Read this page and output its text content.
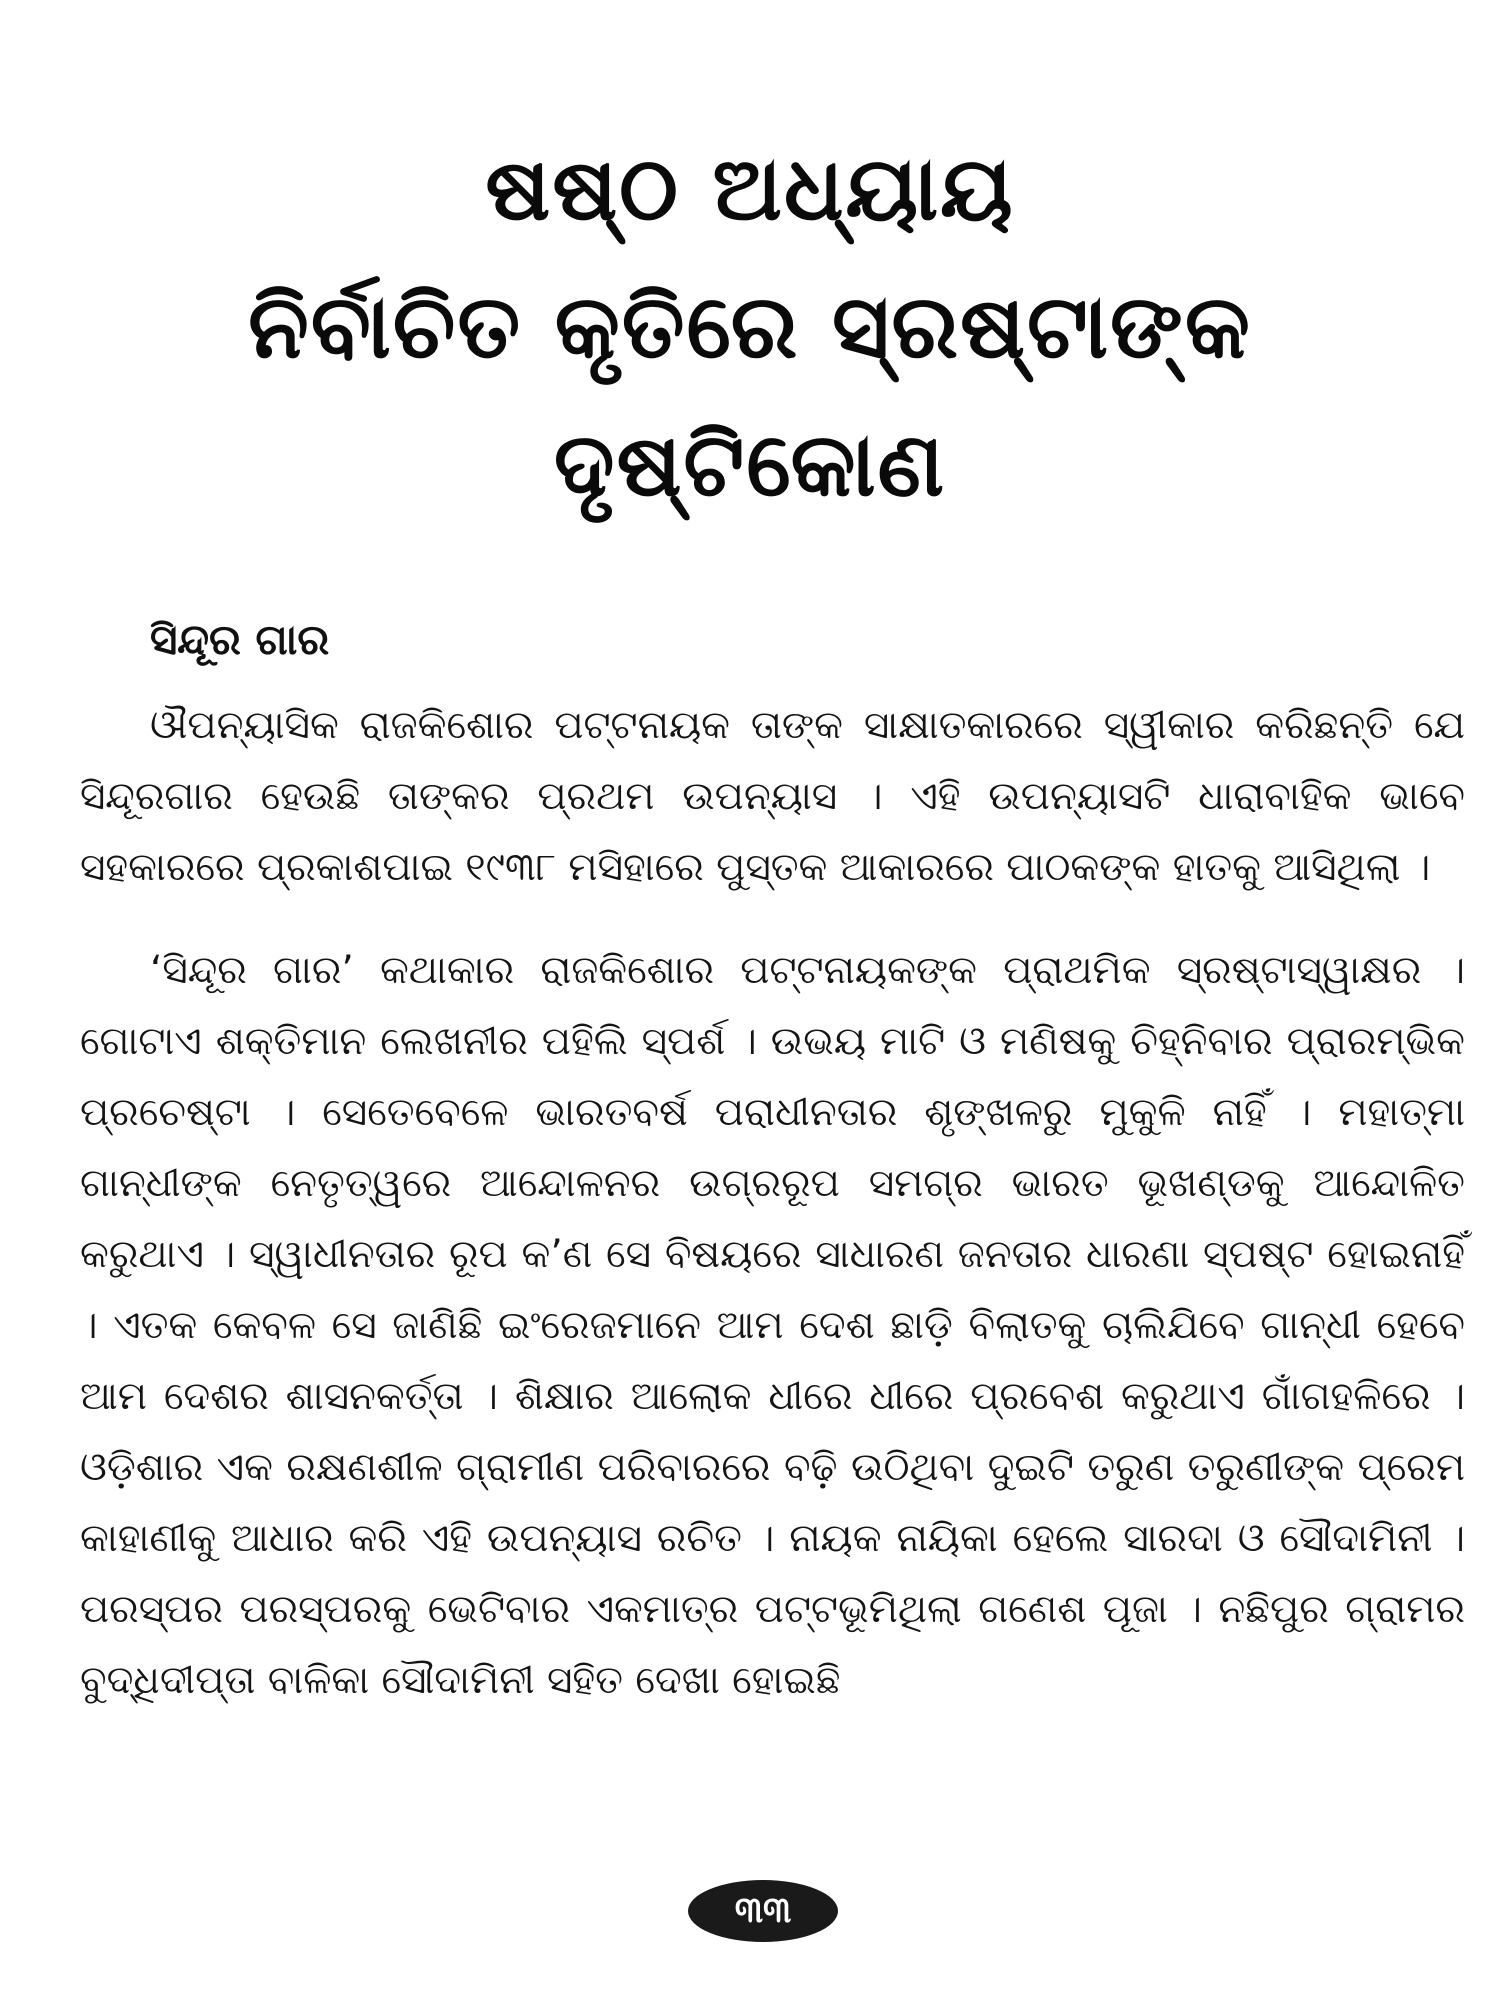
ଷଷ୍ଠ ଅଧ୍ୟାୟ
ନିର୍ବାଚିତ କୃତିରେ ସ୍ରଷ୍ଟାଙ୍କ
ଦୃଷ୍ଟିକୋଣ
ସିନ୍ଦୂର ଗାର

ଔପନ୍ୟାସିକ ରାଜକିଶୋର ପଟ୍ଟନାୟକ ତାଙ୍କ ସାକ୍ଷାତକାରରେ ସ୍ୱୀକାର କରିଛନ୍ତି ଯେ ସିନ୍ଦୂରଗାର ହେଉଛି ତାଙ୍କର ପ୍ରଥମ ଉପନ୍ୟାସ । ଏହି ଉପନ୍ୟାସଟି ଧାରାବାହିକ ଭାବେ ସହକାରରେ ପ୍ରକାଶପାଇ ୧୯୩୮ ମସିହାରେ ପୁସ୍ତକ ଆକାରରେ ପାଠକଙ୍କ ହାତକୁ ଆସିଥିଲା ।

‘ସିନ୍ଦୂର ଗାର’ କଥାକାର ରାଜକିଶୋର ପଟ୍ଟନାୟକଙ୍କ ପ୍ରାଥମିକ ସ୍ରଷ୍ଟାସ୍ୱାକ୍ଷର । ଗୋଟାଏ ଶକ୍ତିମାନ ଲେଖନୀର ପହିଲି ସ୍ପର୍ଶ । ଉଭୟ ମାଟି ଓ ମଣିଷକୁ ଚିହ୍ନିବାର ପ୍ରାରମ୍ଭିକ ପ୍ରଚେଷ୍ଟା । ସେତେବେଳେ ଭାରତବର୍ଷ ପରାଧୀନତାର ଶୃଙ୍ଖଳରୁ ମୁକୁଳି ନାହିଁ । ମହାତ୍ମା ଗାନ୍ଧୀଙ୍କ ନେତୃତ୍ୱରେ ଆନ୍ଦୋଳନର ଉଗ୍ରରୂପ ସମଗ୍ର ଭାରତ ଭୂଖଣ୍ଡକୁ ଆନ୍ଦୋଳିତ କରୁଥାଏ । ସ୍ୱାଧୀନତାର ରୂପ କ’ଣ ସେ ବିଷୟରେ ସାଧାରଣ ଜନତାର ଧାରଣା ସ୍ପଷ୍ଟ ହୋଇନାହିଁ । ଏତକ କେବଳ ସେ ଜାଣିଛି ଇଂରେଜମାନେ ଆମ ଦେଶ ଛାଡ଼ି ବିଲାତକୁ ଚାଲିଯିବେ ଗାନ୍ଧୀ ହେବେ ଆମ ଦେଶର ଶାସନକର୍ତ୍ତା । ଶିକ୍ଷାର ଆଲୋକ ଧୀରେ ଧୀରେ ପ୍ରବେଶ କରୁଥାଏ ଗାଁଗହଳିରେ । ଓଡ଼ିଶାର ଏକ ରକ୍ଷଣଶୀଳ ଗ୍ରାମୀଣ ପରିବାରରେ ବଢ଼ି ଉଠିଥିବା ଦୁଇଟି ତରୁଣ ତରୁଣୀଙ୍କ ପ୍ରେମ କାହାଣୀକୁ ଆଧାର କରି ଏହି ଉପନ୍ୟାସ ରଚିତ । ନାୟକ ନାୟିକା ହେଲେ ସାରଦା ଓ ସୌଦାମିନୀ । ପରସ୍ପର ପରସ୍ପରକୁ ଭେଟିବାର ଏକମାତ୍ର ପଟ୍ଟଭୂମିଥିଲା ଗଣେଶ ପୂଜା । ନଛିପୁର ଗ୍ରାମର ବୁଦ୍ଧିଦୀପ୍ତା ବାଳିକା ସୌଦାମିନୀ ସହିତ ଦେଖା ହୋଇଛି

୩୩
